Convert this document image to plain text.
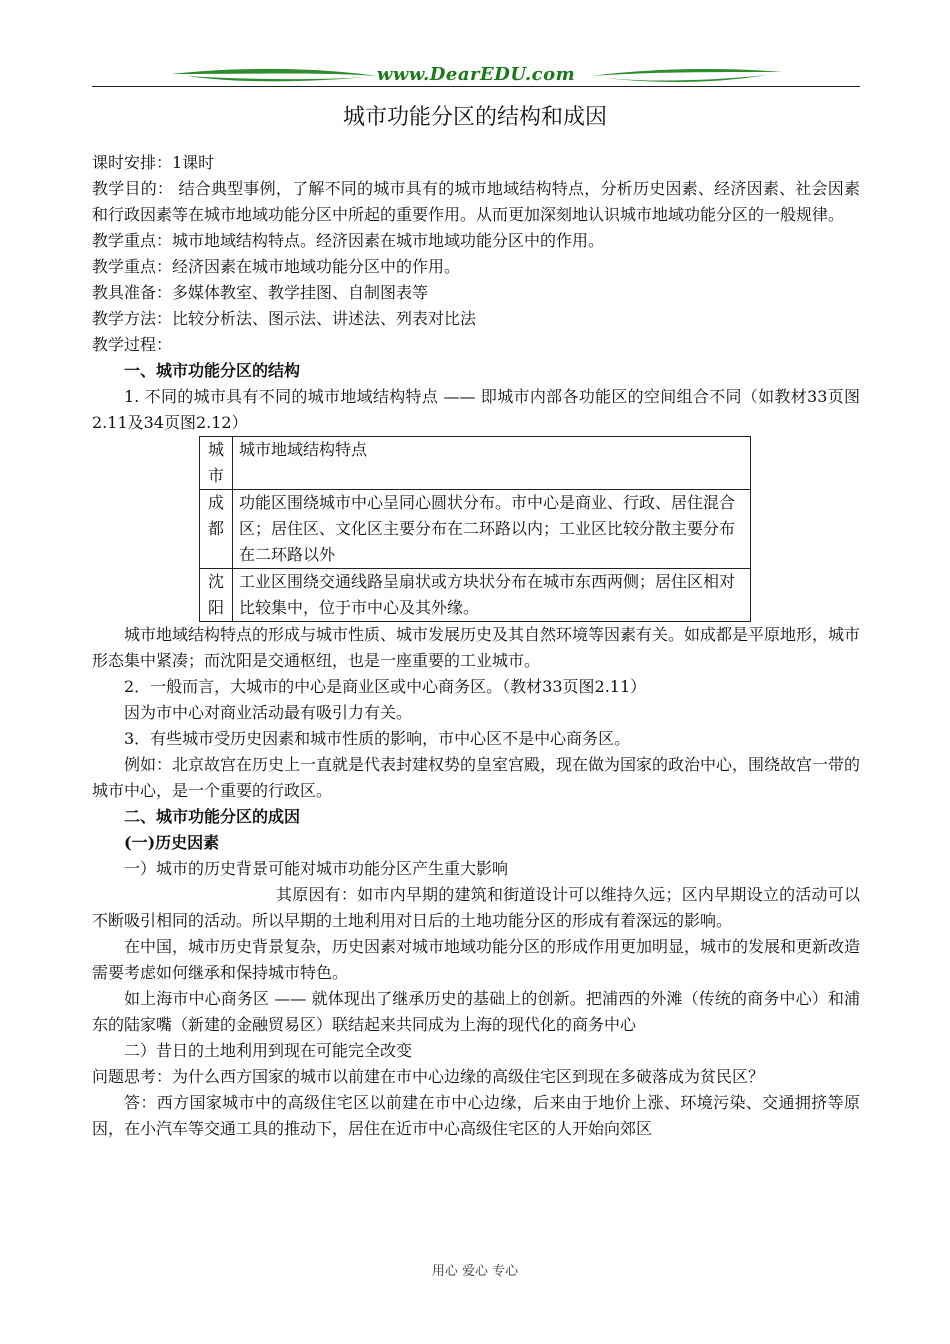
www.DearEDU.com
城市功能分区的结构和成因

课时安排：1课时

教学目的： 结合典型事例，了解不同的城市具有的城市地域结构特点，分析历史因素、经济因素、社会因素和行政因素等在城市地域功能分区中所起的重要作用。从而更加深刻地认识城市地域功能分区的一般规律。

教学重点：城市地域结构特点。经济因素在城市地域功能分区中的作用。

教学重点：经济因素在城市地域功能分区中的作用。

教具准备：多媒体教室、教学挂图、自制图表等

教学方法：比较分析法、图示法、讲述法、列表对比法

教学过程：

一、城市功能分区的结构

1. 不同的城市具有不同的城市地域结构特点 —— 即城市内部各功能区的空间组合不同（如教材33页图2.11及34页图2.12）

城市	城市地域结构特点
成都	功能区围绕城市中心呈同心圆状分布。市中心是商业、行政、居住混合区；居住区、文化区主要分布在二环路以内；工业区比较分散主要分布在二环路以外
沈阳	工业区围绕交通线路呈扇状或方块状分布在城市东西两侧；居住区相对比较集中，位于市中心及其外缘。

城市地域结构特点的形成与城市性质、城市发展历史及其自然环境等因素有关。如成都是平原地形，城市形态集中紧凑；而沈阳是交通枢纽，也是一座重要的工业城市。

2．一般而言，大城市的中心是商业区或中心商务区。（教材33页图2.11）

因为市中心对商业活动最有吸引力有关。

3．有些城市受历史因素和城市性质的影响，市中心区不是中心商务区。

例如：北京故宫在历史上一直就是代表封建权势的皇室宫殿，现在做为国家的政治中心，围绕故宫一带的城市中心，是一个重要的行政区。

二、城市功能分区的成因

(一)历史因素

一）城市的历史背景可能对城市功能分区产生重大影响

其原因有：如市内早期的建筑和街道设计可以维持久远；区内早期设立的活动可以不断吸引相同的活动。所以早期的土地利用对日后的土地功能分区的形成有着深远的影响。

在中国，城市历史背景复杂，历史因素对城市地域功能分区的形成作用更加明显，城市的发展和更新改造需要考虑如何继承和保持城市特色。

如上海市中心商务区 —— 就体现出了继承历史的基础上的创新。把浦西的外滩（传统的商务中心）和浦东的陆家嘴（新建的金融贸易区）联结起来共同成为上海的现代化的商务中心

二）昔日的土地利用到现在可能完全改变

问题思考：为什么西方国家的城市以前建在市中心边缘的高级住宅区到现在多破落成为贫民区？

答：西方国家城市中的高级住宅区以前建在市中心边缘，后来由于地价上涨、环境污染、交通拥挤等原因，在小汽车等交通工具的推动下，居住在近市中心高级住宅区的人开始向郊区

用心 爱心 专心
